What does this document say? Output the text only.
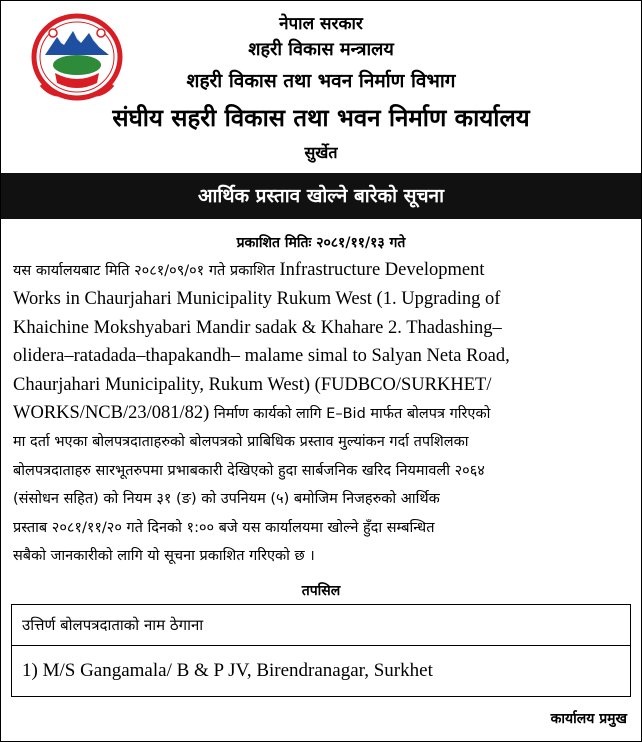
नेपाल सरकार
शहरी विकास मन्त्रालय
शहरी विकास तथा भवन निर्माण विभाग
संघीय सहरी विकास तथा भवन निर्माण कार्यालय
सुर्खेत
आर्थिक प्रस्ताव खोल्ने बारेको सूचना
प्रकाशित मितिः २०८१/११/१३ गते
यस कार्यालयबाट मिति २०८१/०९/०१ गते प्रकाशित Infrastructure Development
Works in Chaurjahari Municipality Rukum West (1. Upgrading of
Khaichine Mokshyabari Mandir sadak & Khahare 2. Thadashing–
olidera–ratadada–thapakandh– malame simal to Salyan Neta Road,
Chaurjahari Municipality, Rukum West) (FUDBCO/SURKHET/
WORKS/NCB/23/081/82) निर्माण कार्यको लागि E–Bid मार्फत बोलपत्र गरिएको
मा दर्ता भएका बोलपत्रदाताहरुको बोलपत्रको प्राबिधिक प्रस्ताव मुल्यांकन गर्दा तपशिलका
बोलपत्रदाताहरु सारभूतरुपमा प्रभाबकारी देखिएको हुदा सार्बजनिक खरिद नियमावली २०६४
(संसोधन सहित) को नियम ३१ (ङ) को उपनियम (५) बमोजिम निजहरुको आर्थिक
प्रस्ताब २०८१/११/२० गते दिनको १:०० बजे यस कार्यालयमा खोल्ने हुँदा सम्बन्धित
सबैको जानकारीको लागि यो सूचना प्रकाशित गरिएको छ ।
तपसिल
उत्तिर्ण बोलपत्रदाताको नाम ठेगाना
1) M/S Gangamala/ B & P JV, Birendranagar, Surkhet
कार्यालय प्रमुख
